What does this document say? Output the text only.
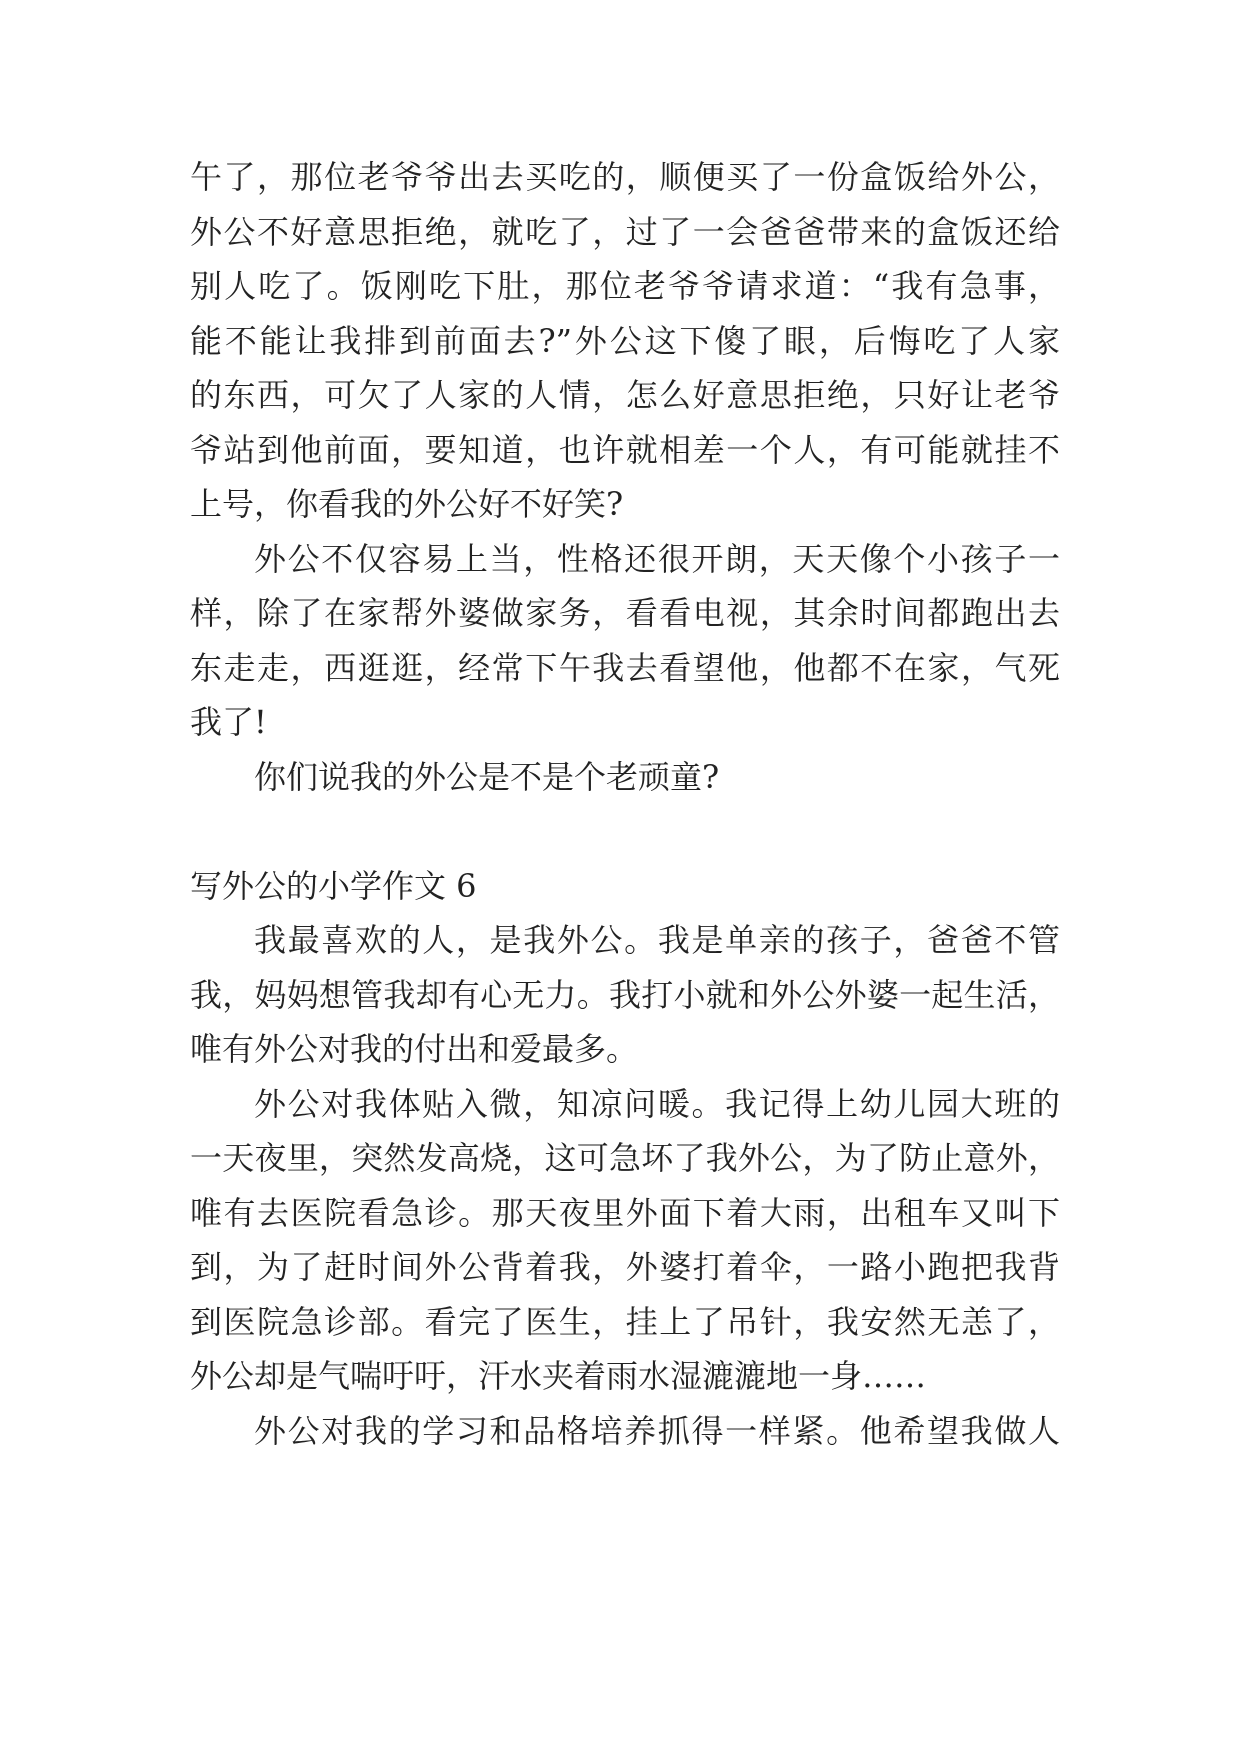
午了，那位老爷爷出去买吃的，顺便买了一份盒饭给外公，
外公不好意思拒绝，就吃了，过了一会爸爸带来的盒饭还给
别人吃了。饭刚吃下肚，那位老爷爷请求道：“我有急事，
能不能让我排到前面去?”外公这下傻了眼，后悔吃了人家
的东西，可欠了人家的人情，怎么好意思拒绝，只好让老爷
爷站到他前面，要知道，也许就相差一个人，有可能就挂不
上号，你看我的外公好不好笑?
外公不仅容易上当，性格还很开朗，天天像个小孩子一
样，除了在家帮外婆做家务，看看电视，其余时间都跑出去
东走走，西逛逛，经常下午我去看望他，他都不在家，气死
我了!
你们说我的外公是不是个老顽童?
写外公的小学作文 6
我最喜欢的人，是我外公。我是单亲的孩子，爸爸不管
我，妈妈想管我却有心无力。我打小就和外公外婆一起生活，
唯有外公对我的付出和爱最多。
外公对我体贴入微，知凉问暖。我记得上幼儿园大班的
一天夜里，突然发高烧，这可急坏了我外公，为了防止意外，
唯有去医院看急诊。那天夜里外面下着大雨，出租车又叫下
到，为了赶时间外公背着我，外婆打着伞，一路小跑把我背
到医院急诊部。看完了医生，挂上了吊针，我安然无恙了，
外公却是气喘吁吁，汗水夹着雨水湿漉漉地一身……
外公对我的学习和品格培养抓得一样紧。他希望我做人
